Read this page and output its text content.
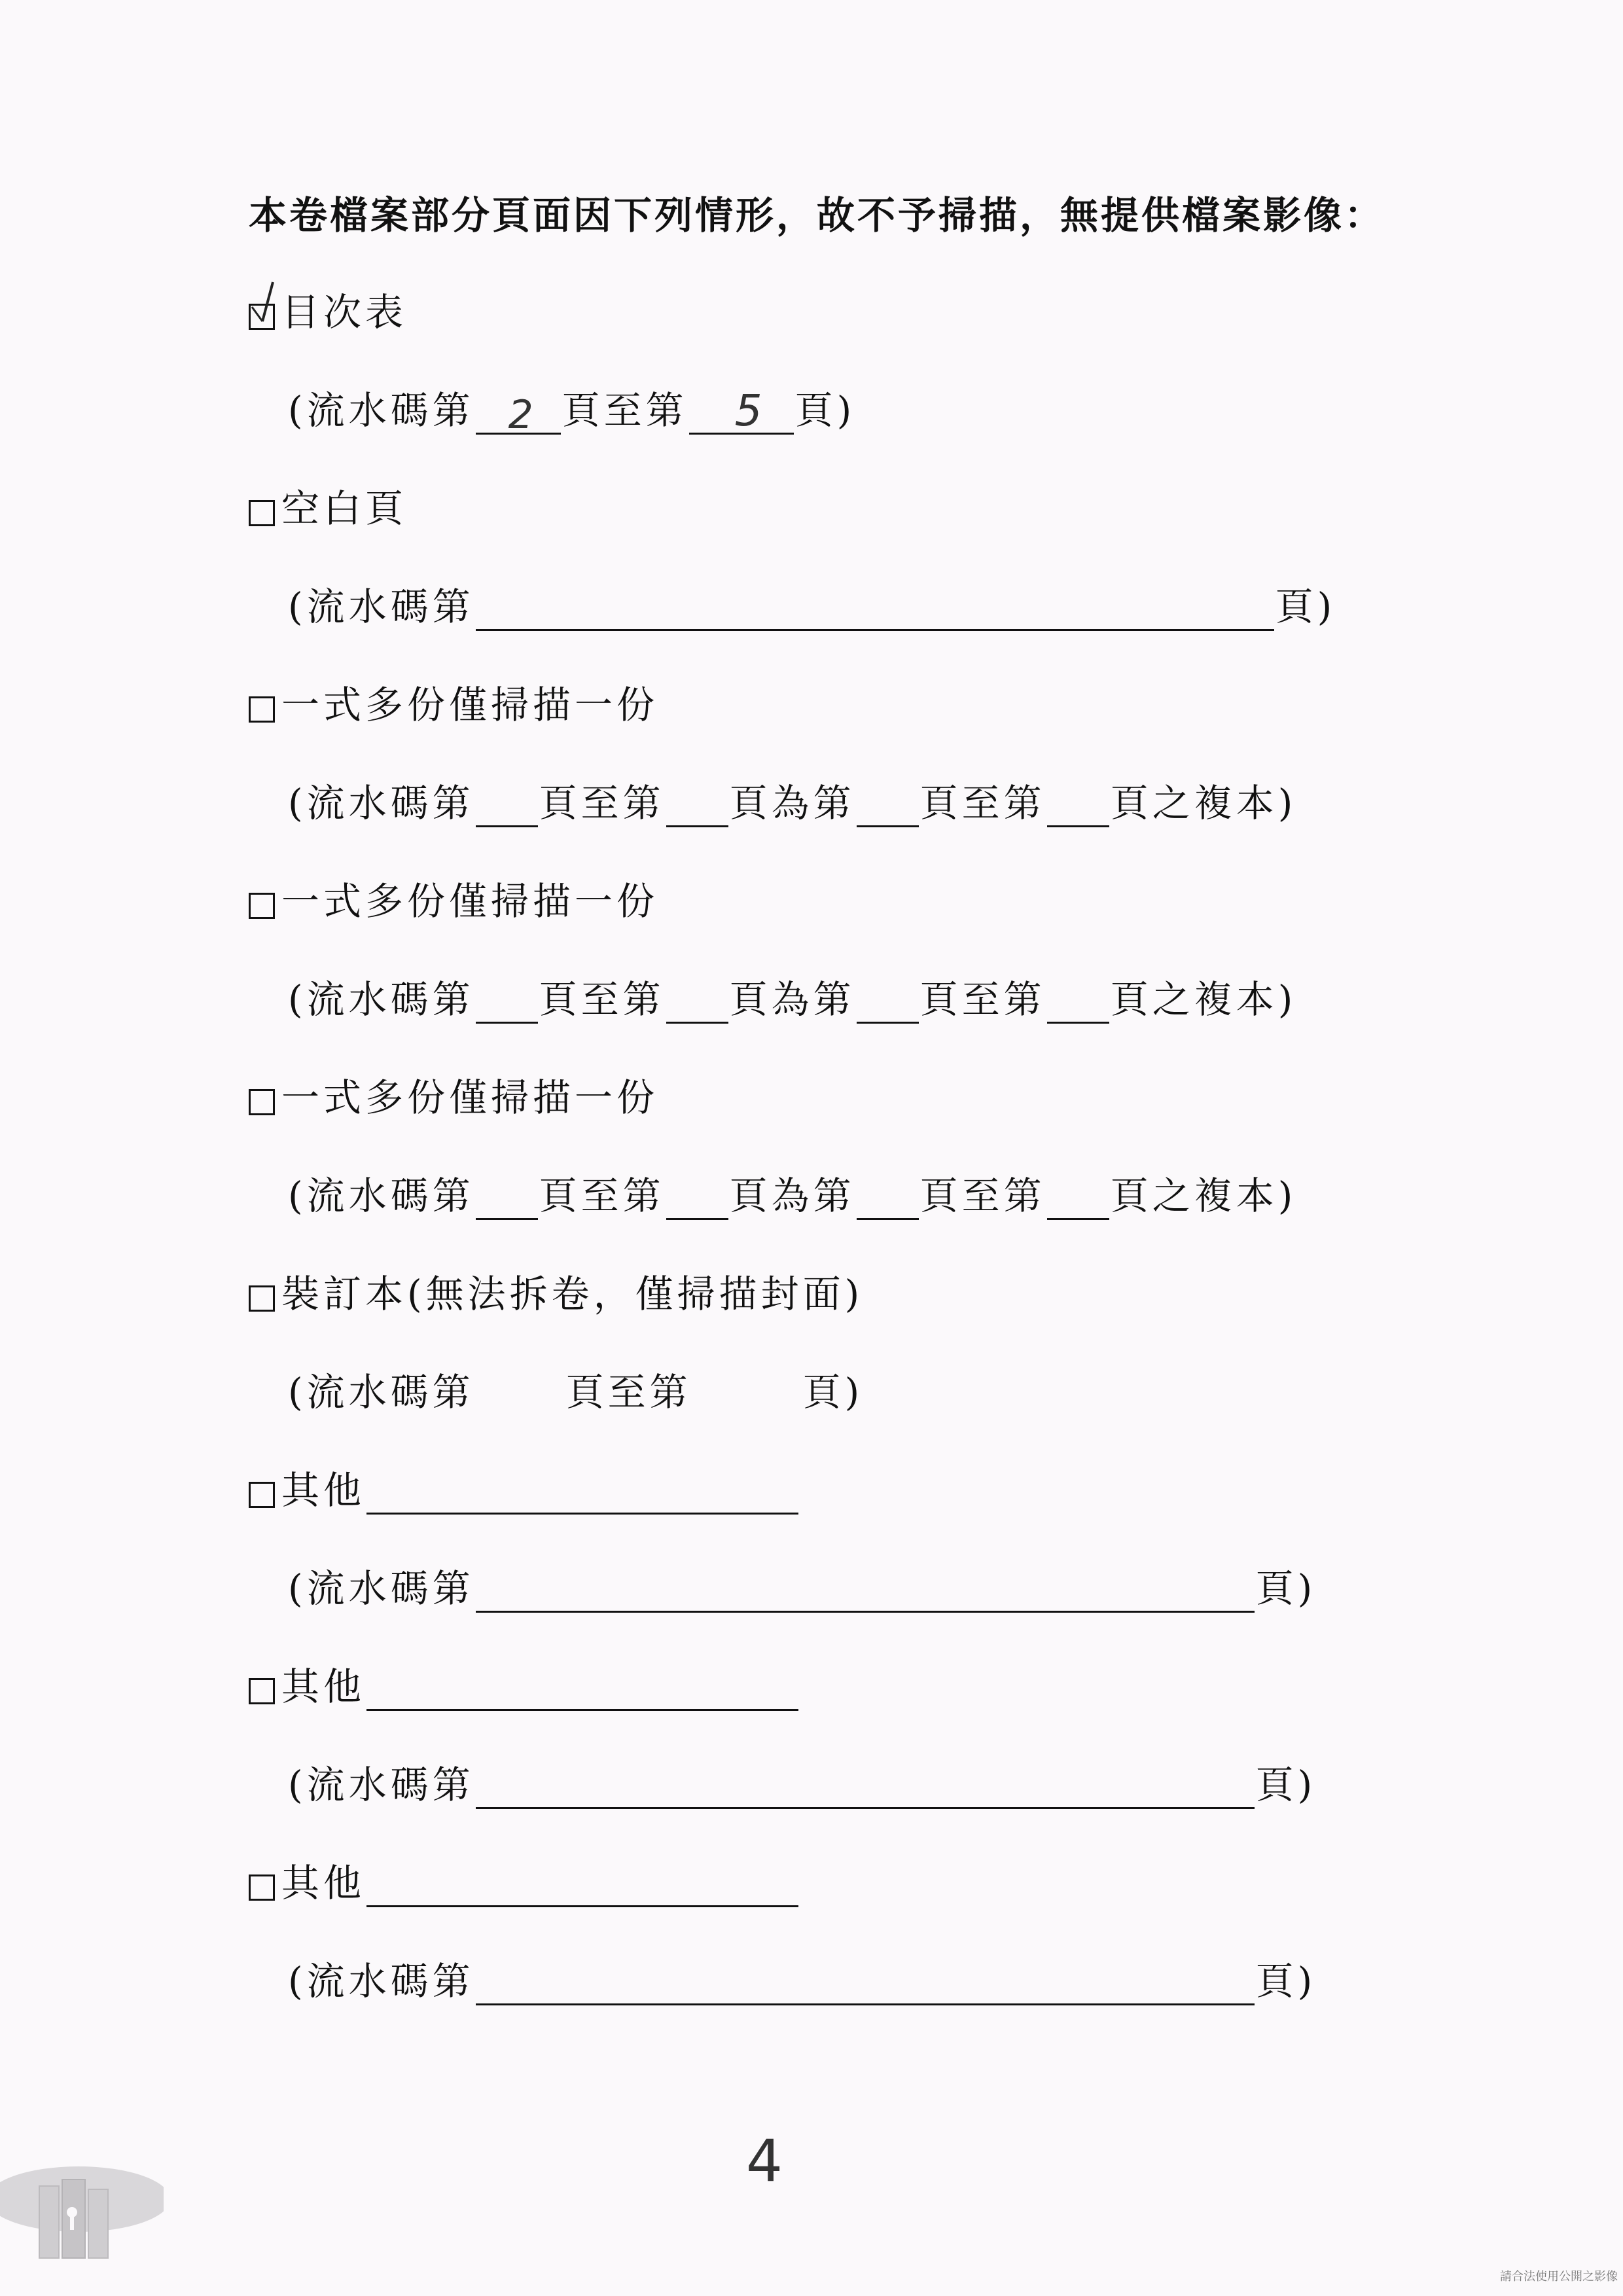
本卷檔案部分頁面因下列情形，故不予掃描，無提供檔案影像：
目次表
(流水碼第 2 頁至第 5 頁)
空白頁
(流水碼第	頁)
一式多份僅掃描一份
(流水碼第 頁至第 頁為第 頁至第 頁之複本)
一式多份僅掃描一份
(流水碼第 頁至第 頁為第 頁至第 頁之複本)
一式多份僅掃描一份
(流水碼第 頁至第 頁為第 頁至第 頁之複本)
裝訂本(無法拆卷，僅掃描封面)
(流水碼第 頁至第	頁)
其他
(流水碼第	頁)
其他
(流水碼第	頁)
其他
(流水碼第	頁)
4
請合法使用公開之影像
